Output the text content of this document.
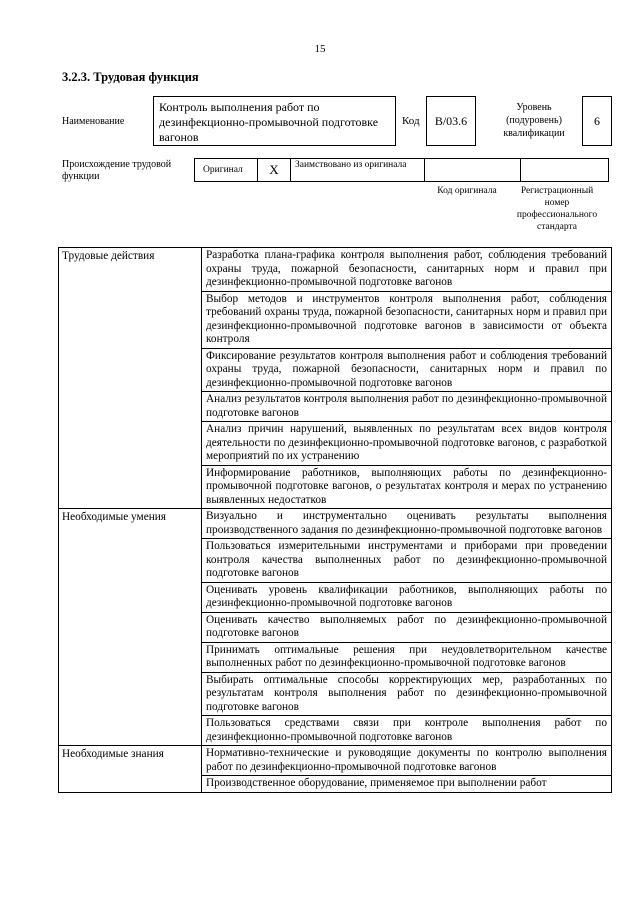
15
3.2.3. Трудовая функция
Наименование
Контроль выполнения работ по дезинфекционно-промывочной подготовке вагонов
Код	В/03.6
Уровень (подуровень) квалификации
6
Происхождение трудовой функции
Оригинал X	Заимствовано из оригинала
Код оригинала	Регистрационный номер профессионального стандарта
Трудовые действия	Разработка плана-графика контроля выполнения работ, соблюдения требований охраны труда, пожарной безопасности, санитарных норм и правил при дезинфекционно-промывочной подготовке вагонов
	Выбор методов и инструментов контроля выполнения работ, соблюдения требований охраны труда, пожарной безопасности, санитарных норм и правил при дезинфекционно-промывочной подготовке вагонов в зависимости от объекта контроля
	Фиксирование результатов контроля выполнения работ и соблюдения требований охраны труда, пожарной безопасности, санитарных норм и правил по дезинфекционно-промывочной подготовке вагонов
	Анализ результатов контроля выполнения работ по дезинфекционно-промывочной подготовке вагонов
	Анализ причин нарушений, выявленных по результатам всех видов контроля деятельности по дезинфекционно-промывочной подготовке вагонов, с разработкой мероприятий по их устранению
	Информирование работников, выполняющих работы по дезинфекционно-промывочной подготовке вагонов, о результатах контроля и мерах по устранению выявленных недостатков
Необходимые умения	Визуально и инструментально оценивать результаты выполнения производственного задания по дезинфекционно-промывочной подготовке вагонов
	Пользоваться измерительными инструментами и приборами при проведении контроля качества выполненных работ по дезинфекционно-промывочной подготовке вагонов
	Оценивать уровень квалификации работников, выполняющих работы по дезинфекционно-промывочной подготовке вагонов
	Оценивать качество выполняемых работ по дезинфекционно-промывочной подготовке вагонов
	Принимать оптимальные решения при неудовлетворительном качестве выполненных работ по дезинфекционно-промывочной подготовке вагонов
	Выбирать оптимальные способы корректирующих мер, разработанных по результатам контроля выполнения работ по дезинфекционно-промывочной подготовке вагонов
	Пользоваться средствами связи при контроле выполнения работ по дезинфекционно-промывочной подготовке вагонов
Необходимые знания	Нормативно-технические и руководящие документы по контролю выполнения работ по дезинфекционно-промывочной подготовке вагонов
	Производственное оборудование, применяемое при выполнении работ
